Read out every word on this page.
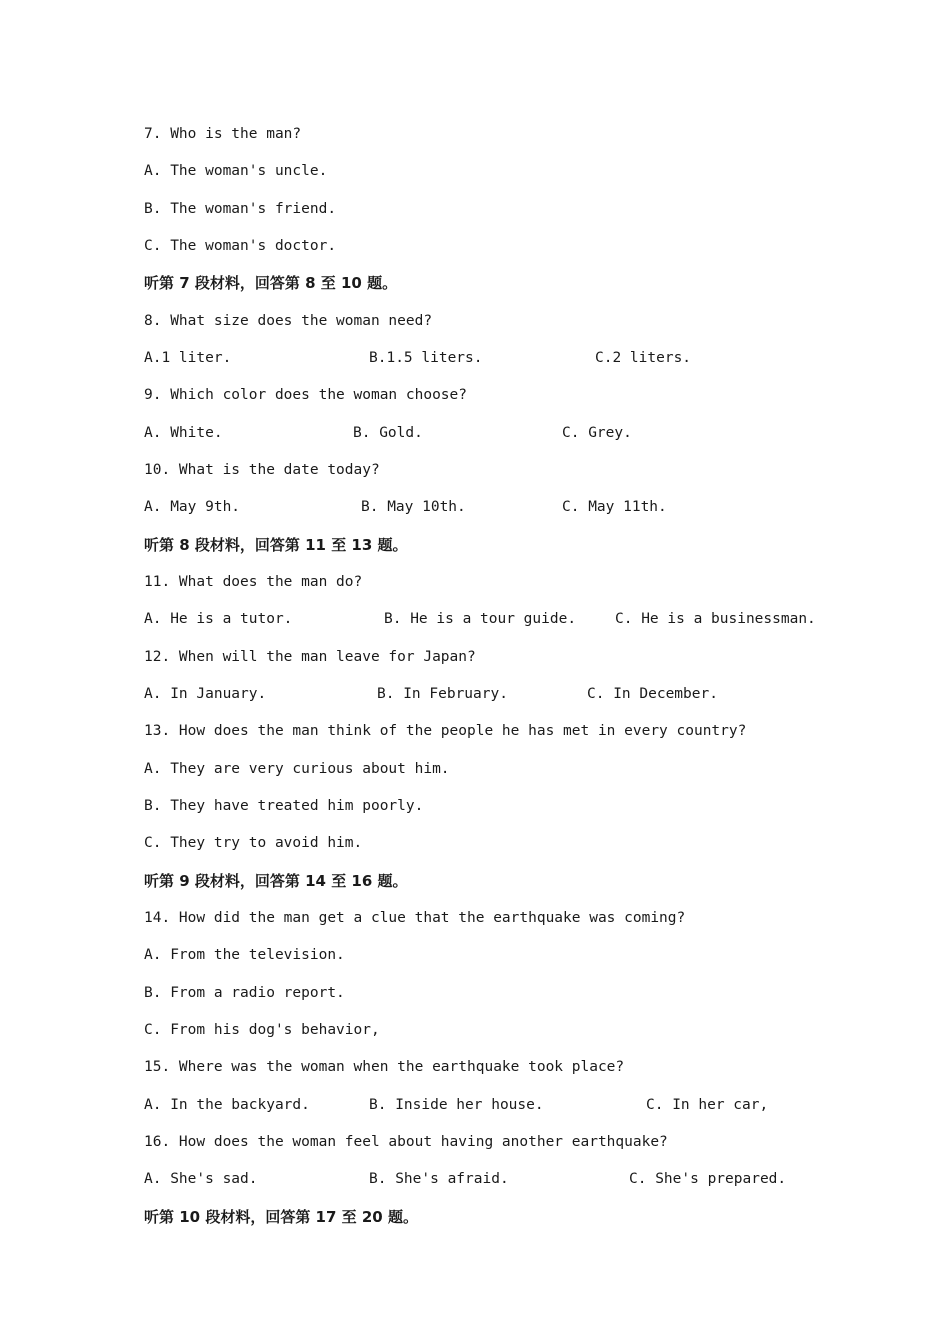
7. Who is the man?
A. The woman's uncle.
B. The woman's friend.
C. The woman's doctor.
听第 7 段材料，回答第 8 至 10 题。
8. What size does the woman need?

A.1 liter.

	B.1.5 liters.

	C.2 liters.

9. Which color does the woman choose?

A. White.

	B. Gold.

	C. Grey.

10. What is the date today?

A. May 9th.

	B. May 10th.

	C. May 11th.

听第 8 段材料，回答第 11 至 13 题。
11. What does the man do?

A. He is a tutor.

	B. He is a tour guide.

	C. He is a businessman.

12. When will the man leave for Japan?

A. In January.

	B. In February.

	C. In December.

13. How does the man think of the people he has met in every country?
A. They are very curious about him.
B. They have treated him poorly.
C. They try to avoid him.
听第 9 段材料，回答第 14 至 16 题。
14. How did the man get a clue that the earthquake was coming?
A. From the television.
B. From a radio report.
C. From his dog's behavior,
15. Where was the woman when the earthquake took place?

A. In the backyard.

	B. Inside her house.

	C. In her car,

16. How does the woman feel about having another earthquake?

A. She's sad.

	B. She's afraid.

	C. She's prepared.

听第 10 段材料，回答第 17 至 20 题。
